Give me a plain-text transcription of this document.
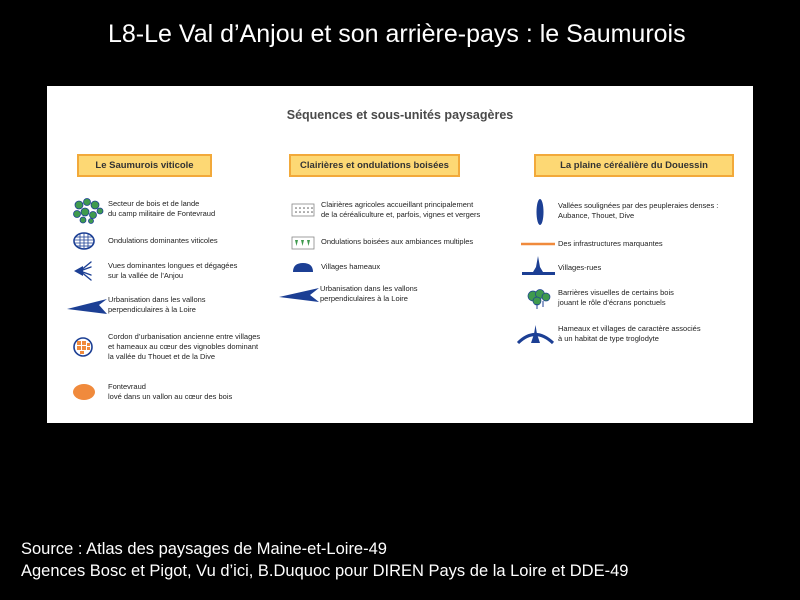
L8-Le Val d’Anjou et son arrière-pays : le Saumurois
Séquences et sous-unités paysagères
Le Saumurois viticole	Clairières et ondulations boisées	La plaine céréalière du Douessin
Secteur de bois et de lande
du camp militaire de Fontevraud
Ondulations dominantes viticoles
Vues dominantes longues et dégagées
sur la vallée de l’Anjou
Urbanisation dans les vallons
perpendiculaires à la Loire
Cordon d’urbanisation ancienne entre villages
et hameaux au cœur des vignobles dominant
la vallée du Thouet et de la Dive
Fontevraud
lové dans un vallon au cœur des bois
Clairières agricoles accueillant principalement
de la céréaliculture et, parfois, vignes et vergers
Ondulations boisées aux ambiances multiples
Villages hameaux
Urbanisation dans les vallons
perpendiculaires à la Loire
Vallées soulignées par des peupleraies denses :
Aubance, Thouet, Dive
Des infrastructures marquantes
Villages-rues
Barrières visuelles de certains bois
jouant le rôle d’écrans ponctuels
Hameaux et villages de caractère associés
à un habitat de type troglodyte
Source : Atlas des paysages de Maine-et-Loire-49
Agences Bosc et Pigot, Vu d’ici, B.Duquoc pour DIREN Pays de la Loire et DDE-49
